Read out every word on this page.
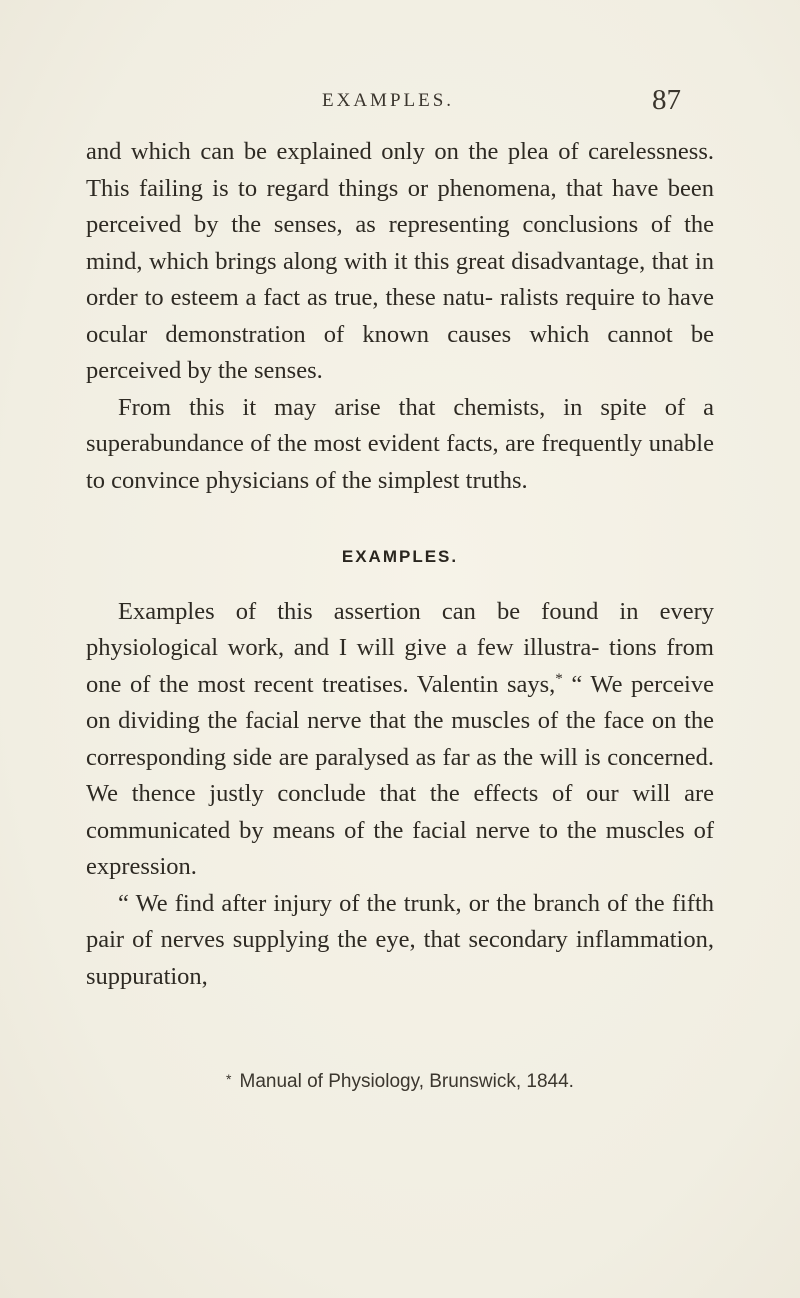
EXAMPLES.	87

and which can be explained only on the plea of carelessness. This failing is to regard things or phenomena, that have been perceived by the senses, as representing conclusions of the mind, which brings along with it this great disadvantage, that in order to esteem a fact as true, these natu- ralists require to have ocular demonstration of known causes which cannot be perceived by the senses.

From this it may arise that chemists, in spite of a superabundance of the most evident facts, are frequently unable to convince physicians of the simplest truths.

EXAMPLES.

Examples of this assertion can be found in every physiological work, and I will give a few illustra- tions from one of the most recent treatises. Valentin says,* “ We perceive on dividing the facial nerve that the muscles of the face on the corresponding side are paralysed as far as the will is concerned. We thence justly conclude that the effects of our will are communicated by means of the facial nerve to the muscles of expression.

“ We find after injury of the trunk, or the branch of the fifth pair of nerves supplying the eye, that secondary inflammation, suppuration,

* Manual of Physiology, Brunswick, 1844.
